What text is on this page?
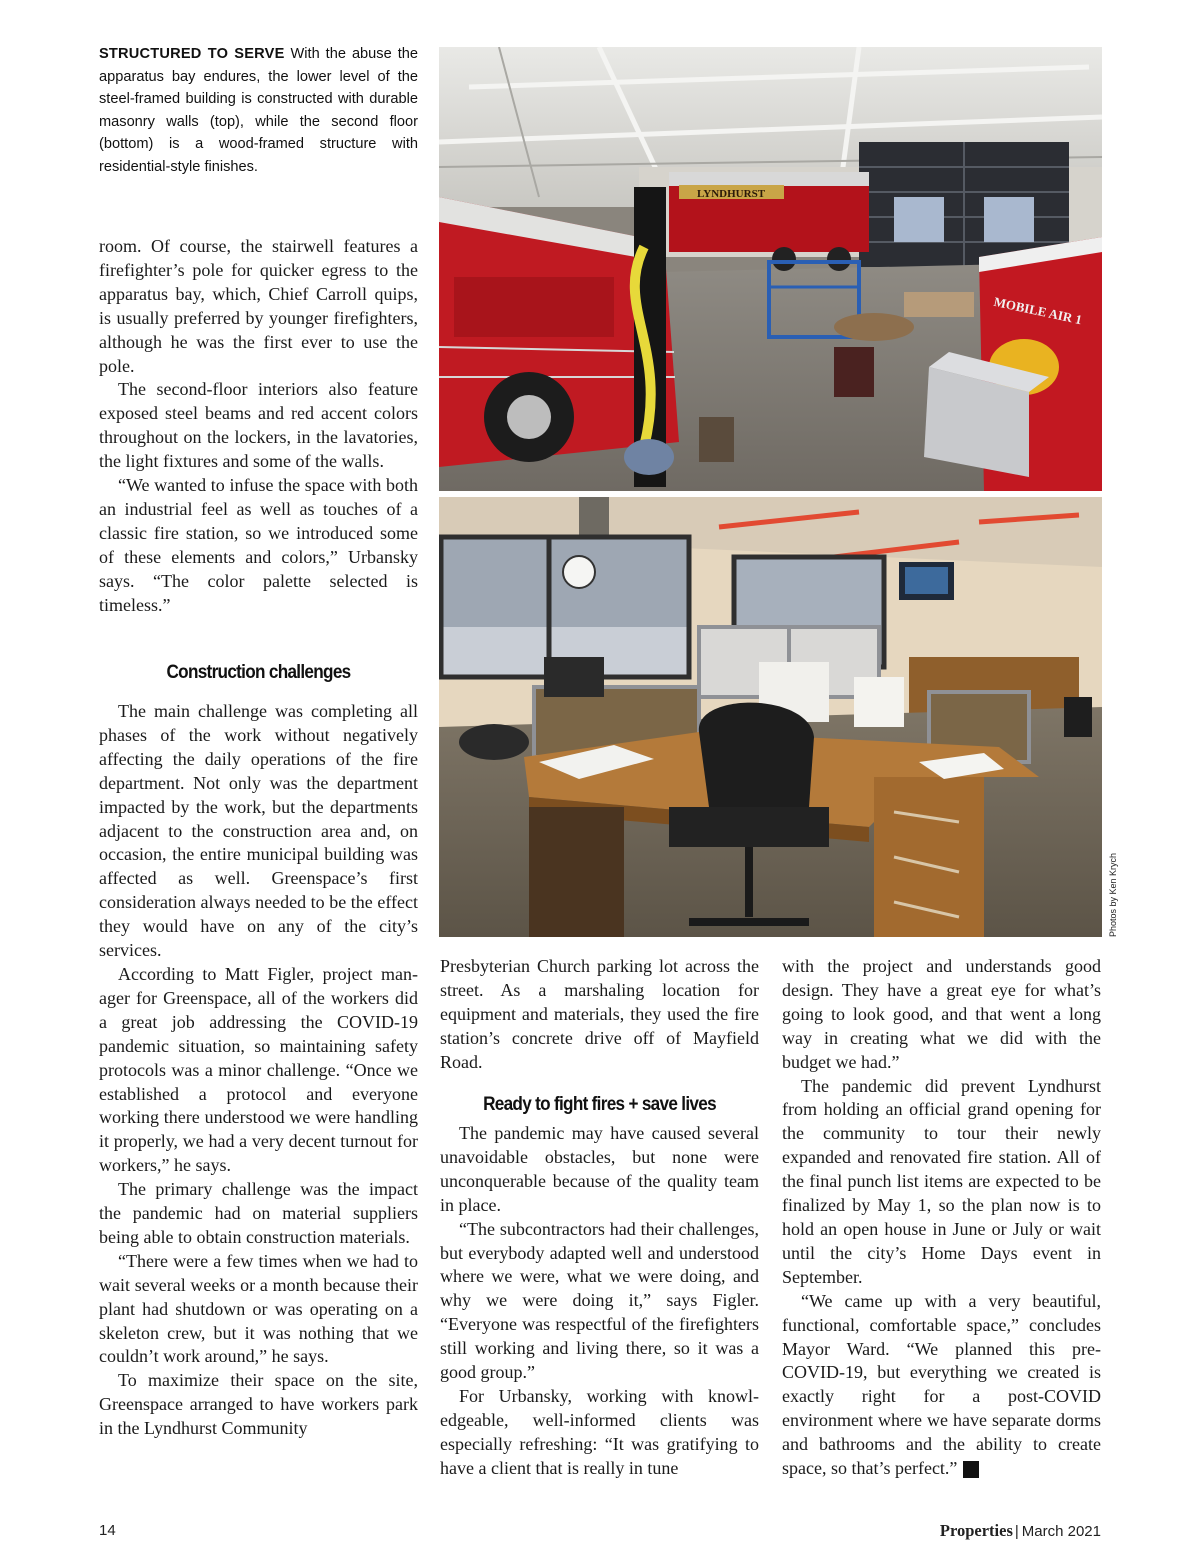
STRUCTURED TO SERVE With the abuse the apparatus bay endures, the lower level of the steel-framed building is constructed with durable masonry walls (top), while the second floor (bottom) is a wood-framed structure with residential-style finishes.

room. Of course, the stairwell features a firefighter’s pole for quicker egress to the apparatus bay, which, Chief Carroll quips, is usually preferred by younger firefighters, although he was the first ever to use the pole.

The second-floor interiors also feature exposed steel beams and red accent colors throughout on the lockers, in the lavatories, the light fixtures and some of the walls.

“We wanted to infuse the space with both an industrial feel as well as touches of a classic fire station, so we introduced some of these elements and colors,” Urbansky says. “The color palette selected is timeless.”

Construction challenges

The main challenge was completing all phases of the work without negatively affecting the daily operations of the fire department. Not only was the department impacted by the work, but the departments adjacent to the construction area and, on occasion, the entire municipal building was affected as well. Greenspace’s first consideration always needed to be the effect they would have on any of the city’s services.

According to Matt Figler, project manager for Greenspace, all of the workers did a great job addressing the COVID-19 pandemic situation, so maintaining safety protocols was a minor challenge. “Once we established a protocol and everyone working there understood we were handling it properly, we had a very decent turnout for workers,” he says.

The primary challenge was the impact the pandemic had on material suppliers being able to obtain construction materials.

“There were a few times when we had to wait several weeks or a month because their plant had shutdown or was operating on a skeleton crew, but it was nothing that we couldn’t work around,” he says.

To maximize their space on the site, Greenspace arranged to have workers park in the Lyndhurst Community

LYNDHURST
MOBILE AIR 1
Photos by Ken Krych

Presbyterian Church parking lot across the street. As a marshaling location for equipment and materials, they used the fire station’s concrete drive off of Mayfield Road.

Ready to fight fires + save lives

The pandemic may have caused several unavoidable obstacles, but none were unconquerable because of the quality team in place.

“The subcontractors had their challenges, but everybody adapted well and understood where we were, what we were doing, and why we were doing it,” says Figler. “Everyone was respectful of the firefighters still working and living there, so it was a good group.”

For Urbansky, working with knowledgeable, well-informed clients was especially refreshing: “It was gratifying to have a client that is really in tune

with the project and understands good design. They have a great eye for what’s going to look good, and that went a long way in creating what we did with the budget we had.”

The pandemic did prevent Lyndhurst from holding an official grand opening for the community to tour their newly expanded and renovated fire station. All of the final punch list items are expected to be finalized by May 1, so the plan now is to hold an open house in June or July or wait until the city’s Home Days event in September.

“We came up with a very beautiful, functional, comfortable space,” concludes Mayor Ward. “We planned this pre-COVID-19, but everything we created is exactly right for a post-COVID environment where we have separate dorms and bathrooms and the ability to create space, so that’s perfect.” P

14	Properties | March 2021
